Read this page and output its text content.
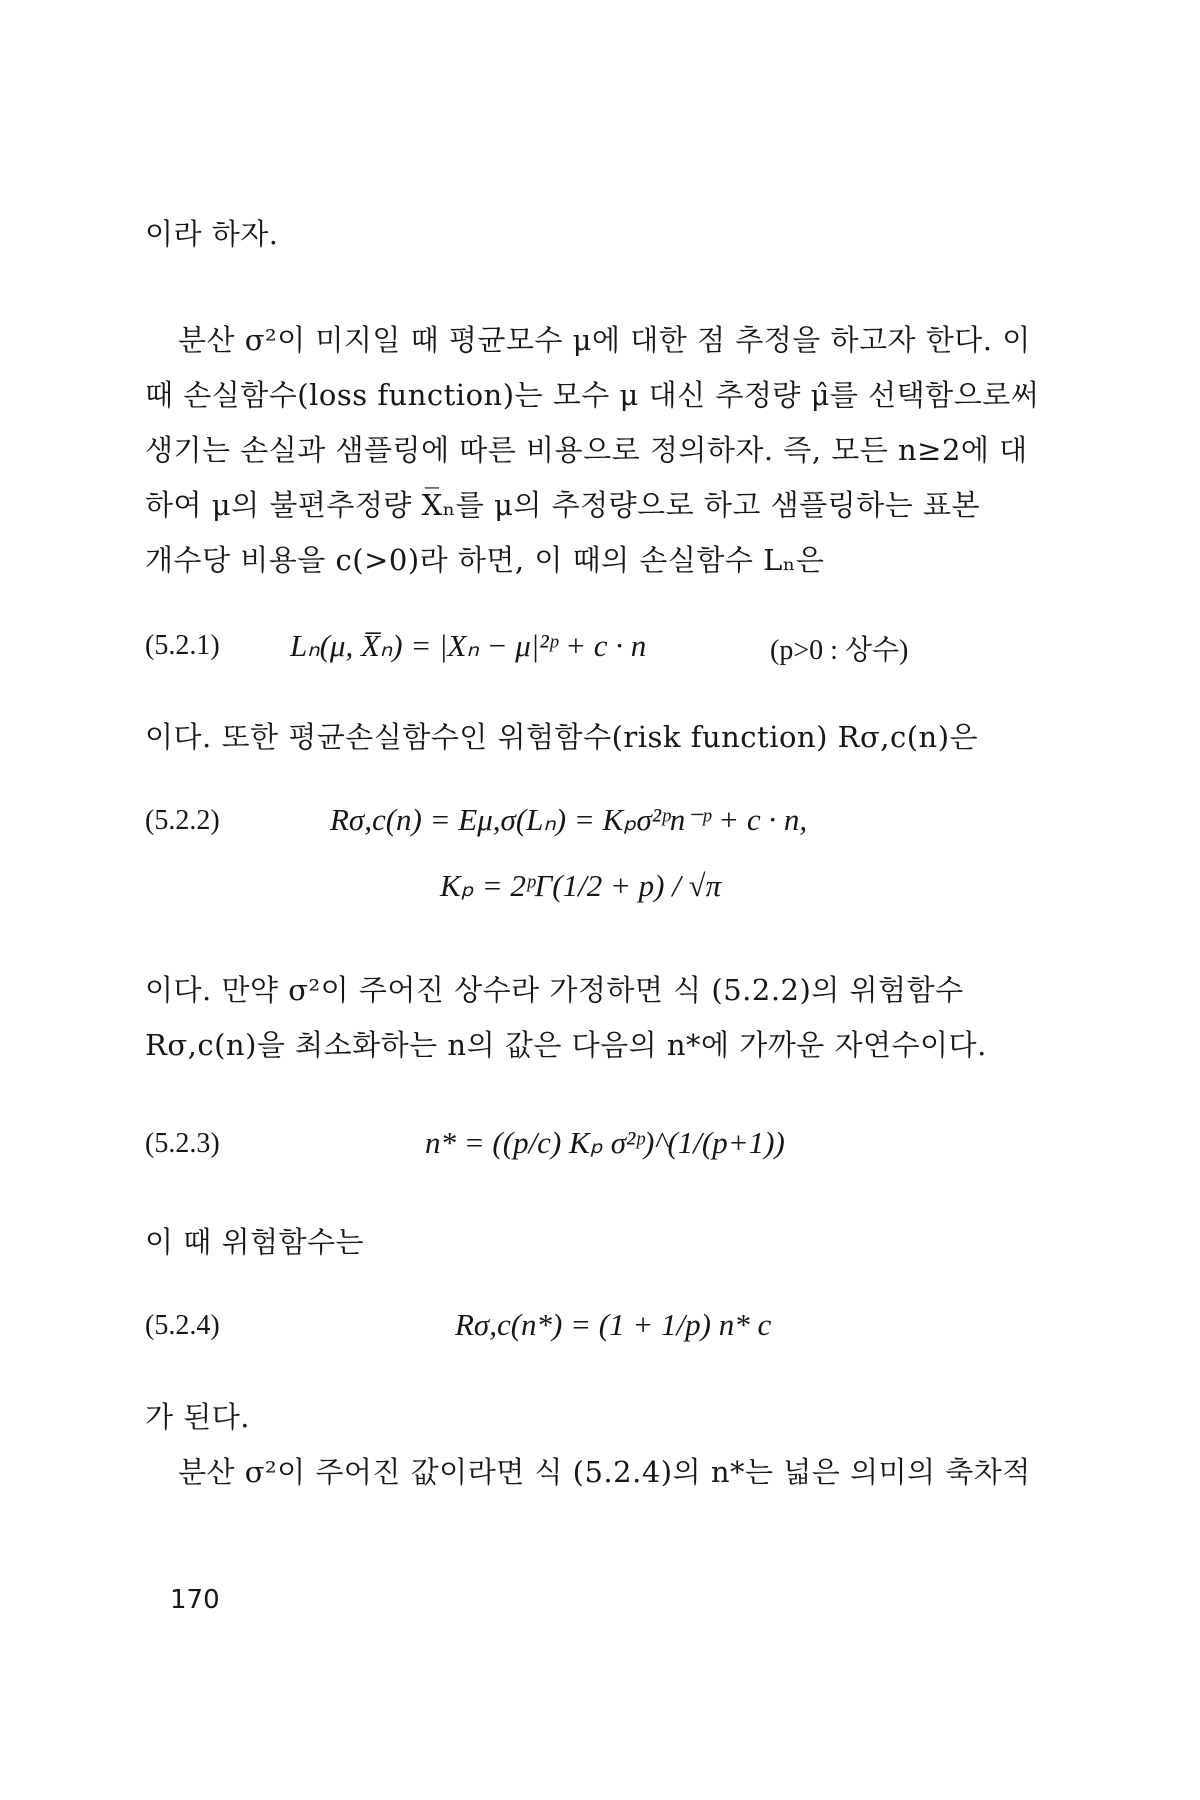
이라 하자.
분산 σ²이 미지일 때 평균모수 μ에 대한 점 추정을 하고자 한다. 이
때 손실함수(loss function)는 모수 μ 대신 추정량 μ̂를 선택함으로써
생기는 손실과 샘플링에 따른 비용으로 정의하자. 즉, 모든 n≥2에 대
하여 μ의 불편추정량 X̅ₙ를 μ의 추정량으로 하고 샘플링하는 표본
개수당 비용을 c(>0)라 하면, 이 때의 손실함수 Lₙ은
(5.2.1) Lₙ(μ, X̅ₙ) = |Xₙ − μ|²ᵖ + c · n	(p>0 : 상수)
이다. 또한 평균손실함수인 위험함수(risk function) Rσ,c(n)은
(5.2.2)	Rσ,c(n) = Eμ,σ(Lₙ) = Kₚσ²ᵖn⁻ᵖ + c · n,
Kₚ = 2ᵖΓ(1/2 + p) / √π
이다. 만약 σ²이 주어진 상수라 가정하면 식 (5.2.2)의 위험함수
Rσ,c(n)을 최소화하는 n의 값은 다음의 n*에 가까운 자연수이다.
(5.2.3)	n* = ((p/c) Kₚ σ²ᵖ)^(1/(p+1))
이 때 위험함수는
(5.2.4)	Rσ,c(n*) = (1 + 1/p) n* c
가 된다.
분산 σ²이 주어진 값이라면 식 (5.2.4)의 n*는 넓은 의미의 축차적
170
